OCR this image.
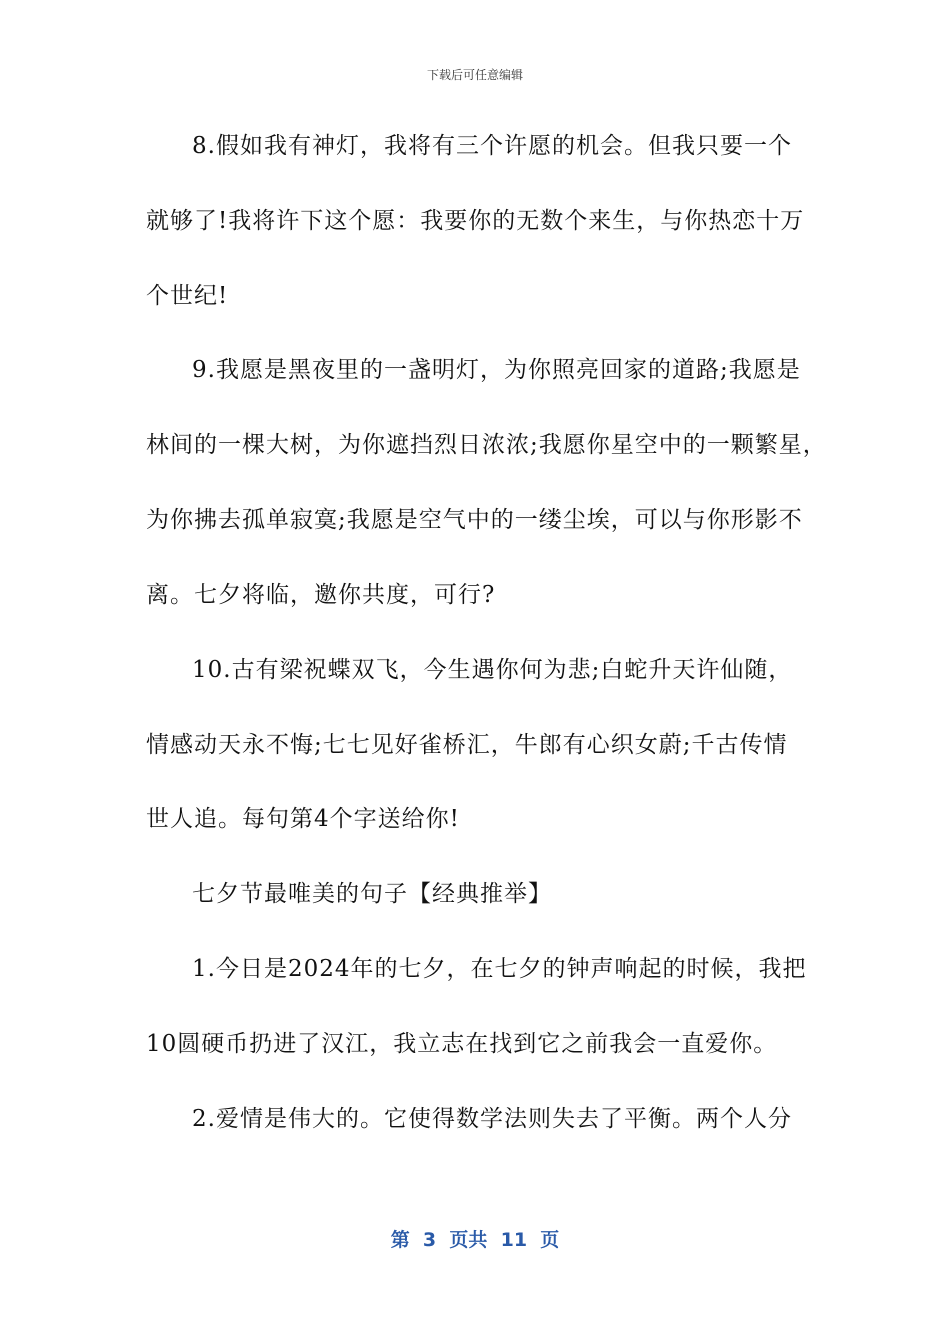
下载后可任意编辑
8.假如我有神灯，我将有三个许愿的机会。但我只要一个
就够了!我将许下这个愿：我要你的无数个来生，与你热恋十万
个世纪!
9.我愿是黑夜里的一盏明灯，为你照亮回家的道路;我愿是
林间的一棵大树，为你遮挡烈日浓浓;我愿你星空中的一颗繁星，
为你拂去孤单寂寞;我愿是空气中的一缕尘埃，可以与你形影不
离。七夕将临，邀你共度，可行?
10.古有梁祝蝶双飞，今生遇你何为悲;白蛇升天许仙随，
情感动天永不悔;七七见好雀桥汇，牛郎有心织女蔚;千古传情
世人追。每句第4个字送给你!
七夕节最唯美的句子【经典推举】
1.今日是2024年的七夕，在七夕的钟声响起的时候，我把
10圆硬币扔进了汉江，我立志在找到它之前我会一直爱你。
2.爱情是伟大的。它使得数学法则失去了平衡。两个人分
第  3  页共  11  页
